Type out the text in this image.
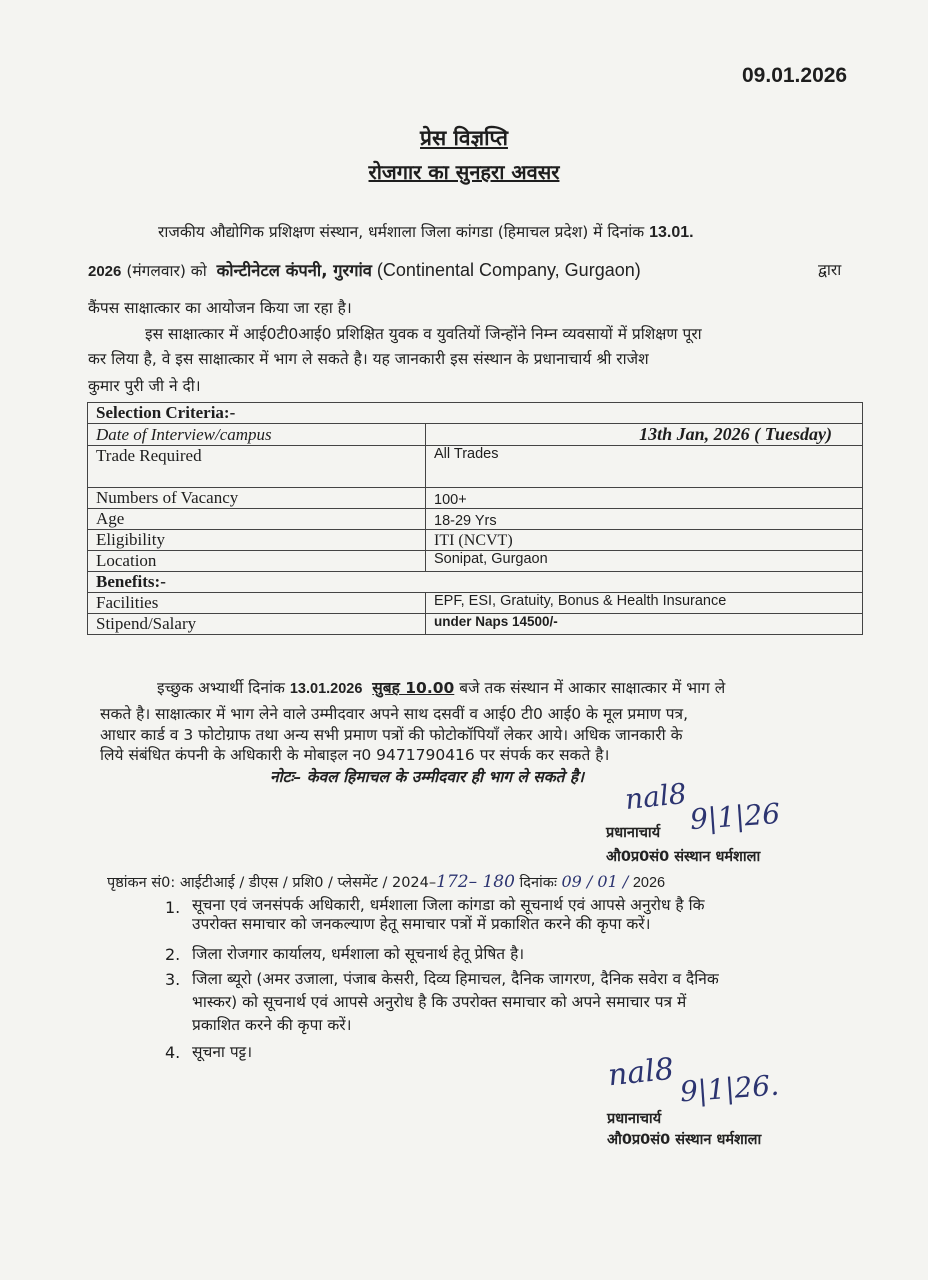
09.01.2026
प्रेस विज्ञप्ति
रोजगार का सुनहरा अवसर
राजकीय औद्योगिक प्रशिक्षण संस्थान, धर्मशाला जिला कांगडा (हिमाचल प्रदेश) में दिनांक 13.01.
2026 (मंगलवार) को कोन्टीनेटल कंपनी, गुरगांव (Continental Company, Gurgaon)	द्वारा
कैंपस साक्षात्कार का आयोजन किया जा रहा है।
इस साक्षात्कार में आई0टी0आई0 प्रशिक्षित युवक व युवतियों जिन्होंने निम्न व्यवसायों में प्रशिक्षण पूरा
कर लिया है, वे इस साक्षात्कार में भाग ले सकते है। यह जानकारी इस संस्थान के प्रधानाचार्य श्री राजेश
कुमार पुरी जी ने दी।
Selection Criteria:-	
Date of Interview/campus	13th Jan, 2026 ( Tuesday)
Trade Required	All Trades
Numbers of Vacancy	100+
Age	18-29 Yrs
Eligibility	ITI (NCVT)
Location	Sonipat, Gurgaon
Benefits:-	
Facilities	EPF, ESI, Gratuity, Bonus & Health Insurance
Stipend/Salary	under Naps 14500/-
इच्छुक अभ्यार्थी दिनांक 13.01.2026 सुबह 10.00 बजे तक संस्थान में आकार साक्षात्कार में भाग ले
सकते है। साक्षात्कार में भाग लेने वाले उम्मीदवार अपने साथ दसवीं व आई0 टी0 आई0 के मूल प्रमाण पत्र,
आधार कार्ड व 3 फोटोग्राफ तथा अन्य सभी प्रमाण पत्रों की फोटोकॉपियॉं लेकर आये। अधिक जानकारी के
लिये संबंधित कंपनी के अधिकारी के मोबाइल न0 9471790416 पर संपर्क कर सकते है।
नोटः– केवल हिमाचल के उम्मीदवार ही भाग ले सकते है। nal8
9|1|26
प्रधानाचार्य
औ0प्र0सं0 संस्थान धर्मशाला
पृष्ठांकन सं0: आईटीआई / डीएस / प्रशि0 / प्लेसमेंट / 2024–172– 180 दिनांकः 09 / 01 / 2026
1. सूचना एवं जनसंपर्क अधिकारी, धर्मशाला जिला कांगडा को सूचनार्थ एवं आपसे अनुरोध है कि
उपरोक्त समाचार को जनकल्याण हेतू समाचार पत्रों में प्रकाशित करने की कृपा करें।
2. जिला रोजगार कार्यालय, धर्मशाला को सूचनार्थ हेतू प्रेषित है।
3. जिला ब्यूरो (अमर उजाला, पंजाब केसरी, दिव्य हिमाचल, दैनिक जागरण, दैनिक सवेरा व दैनिक
भास्कर) को सूचनार्थ एवं आपसे अनुरोध है कि उपरोक्त समाचार को अपने समाचार पत्र में
प्रकाशित करने की कृपा करें।
4. सूचना पट्ट।	nal8 9|1|26.
प्रधानाचार्य
औ0प्र0सं0 संस्थान धर्मशाला
